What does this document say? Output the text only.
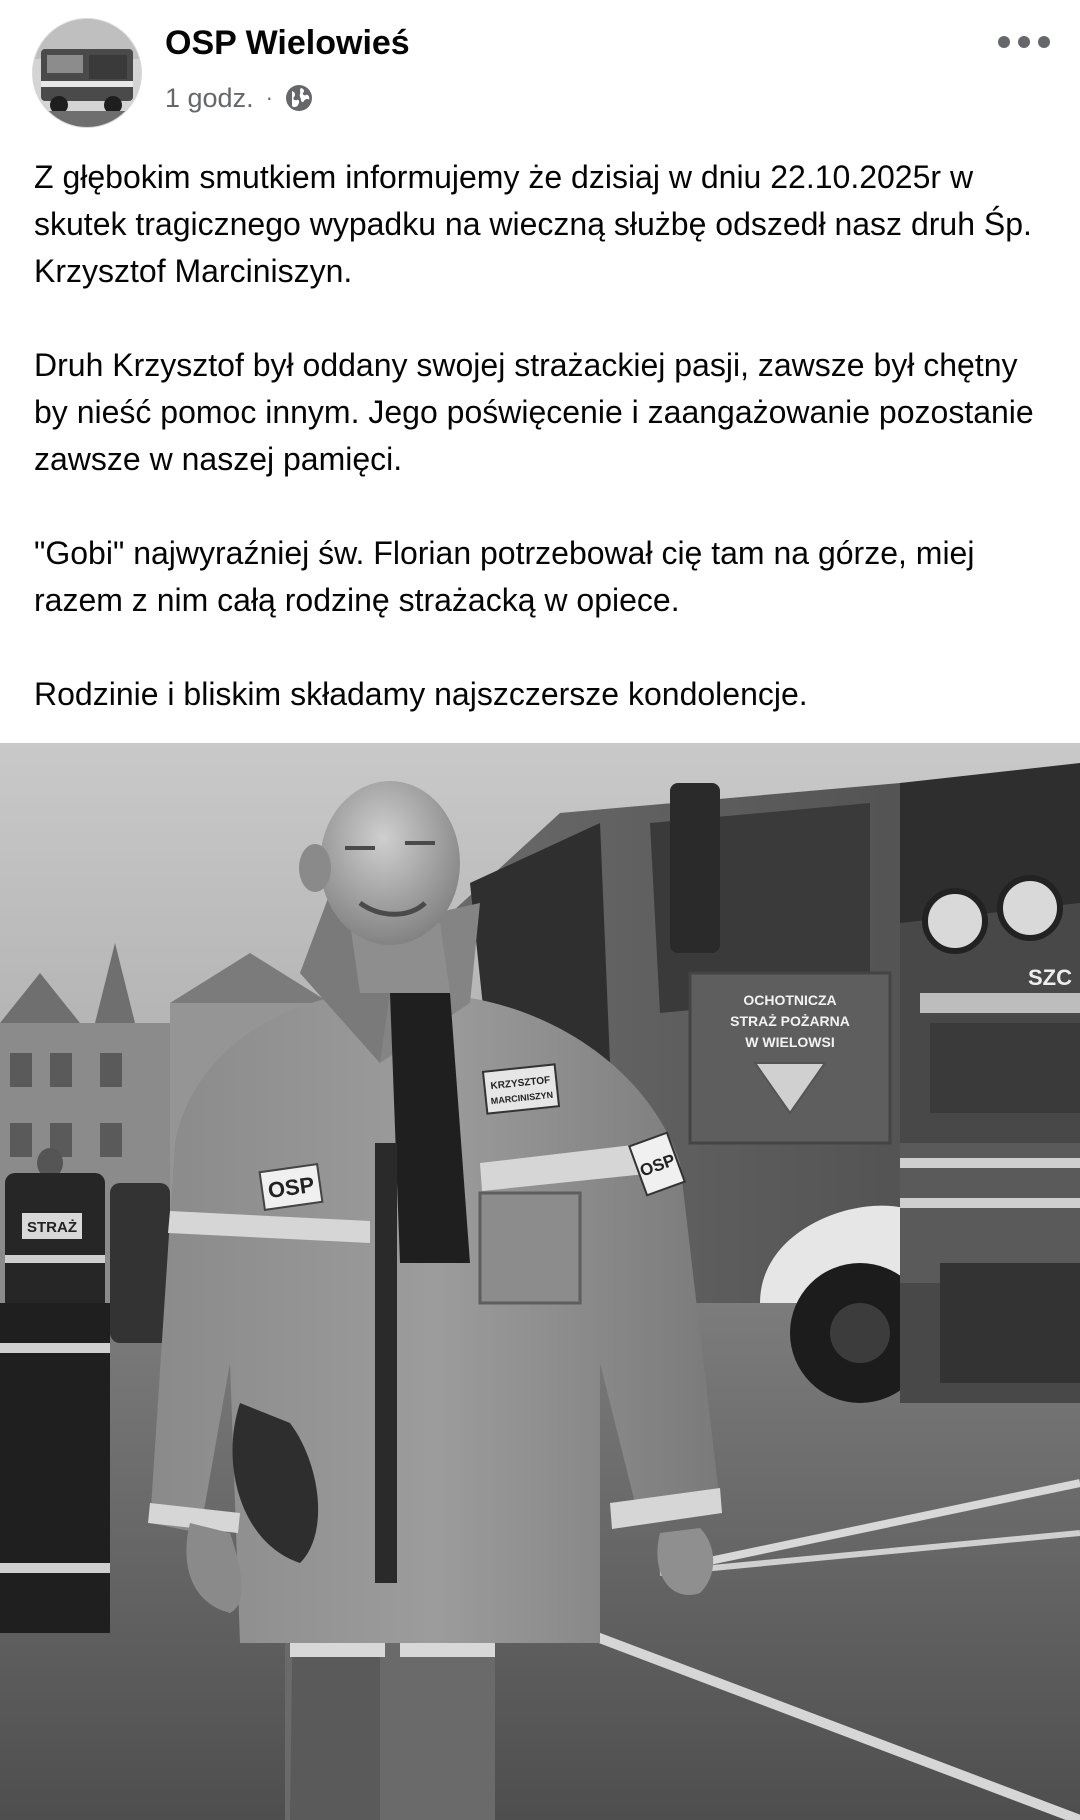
OSP Wielowieś
1 godz. ·

Z głębokim smutkiem informujemy że dzisiaj w dniu 22.10.2025r w skutek tragicznego wypadku na wieczną służbę odszedł nasz druh Śp. Krzysztof Marciniszyn.

Druh Krzysztof był oddany swojej strażackiej pasji, zawsze był chętny by nieść pomoc innym. Jego poświęcenie i zaangażowanie pozostanie zawsze w naszej pamięci.

"Gobi" najwyraźniej św. Florian potrzebował cię tam na górze, miej razem z nim całą rodzinę strażacką w opiece.

Rodzinie i bliskim składamy najszczersze kondolencje.

OCHOTNICZA
STRAŻ POŻARNA
W WIELOWSI
SZC
STRAŻ
OSP
KRZYSZTOF
MARCINISZYN
OSP
